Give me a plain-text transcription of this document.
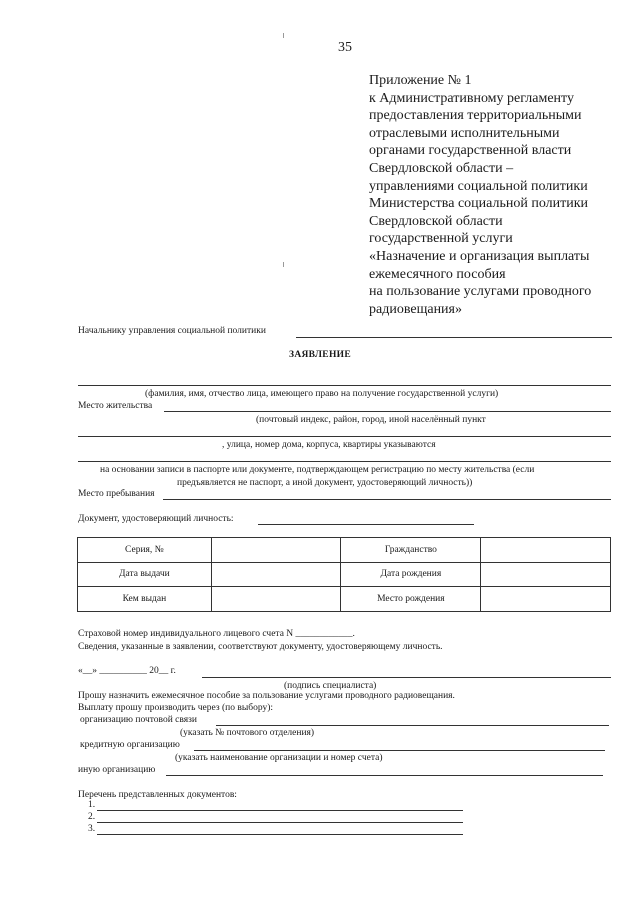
35
Приложение № 1
к Административному регламенту
предоставления территориальными
отраслевыми исполнительными
органами государственной власти
Свердловской области –
управлениями социальной политики
Министерства социальной политики
Свердловской области
государственной услуги
«Назначение и организация выплаты
ежемесячного пособия
на пользование услугами проводного
радиовещания»
Начальнику управления социальной политики
ЗАЯВЛЕНИЕ
(фамилия, имя, отчество лица, имеющего право на получение государственной услуги)
Место жительства
(почтовый индекс, район, город, иной населённый пункт
, улица, номер дома, корпуса, квартиры указываются
на основании записи в паспорте или документе, подтверждающем регистрацию по месту жительства (если
предъявляется не паспорт, а иной документ, удостоверяющий личность))
Место пребывания
Документ, удостоверяющий личность:
Серия, №		Гражданство	
Дата выдачи		Дата рождения	
Кем выдан		Место рождения	
Страховой номер индивидуального лицевого счета N ____________.
Сведения, указанные в заявлении, соответствуют документу, удостоверяющему личность.
«__» __________ 20__ г.
(подпись специалиста)
Прошу назначить ежемесячное пособие за пользование услугами проводного радиовещания.
Выплату прошу производить через (по выбору):
организацию почтовой связи
(указать № почтового отделения)
кредитную организацию
(указать наименование организации и номер счета)
иную организацию
Перечень представленных документов:
1.
2.
3.
